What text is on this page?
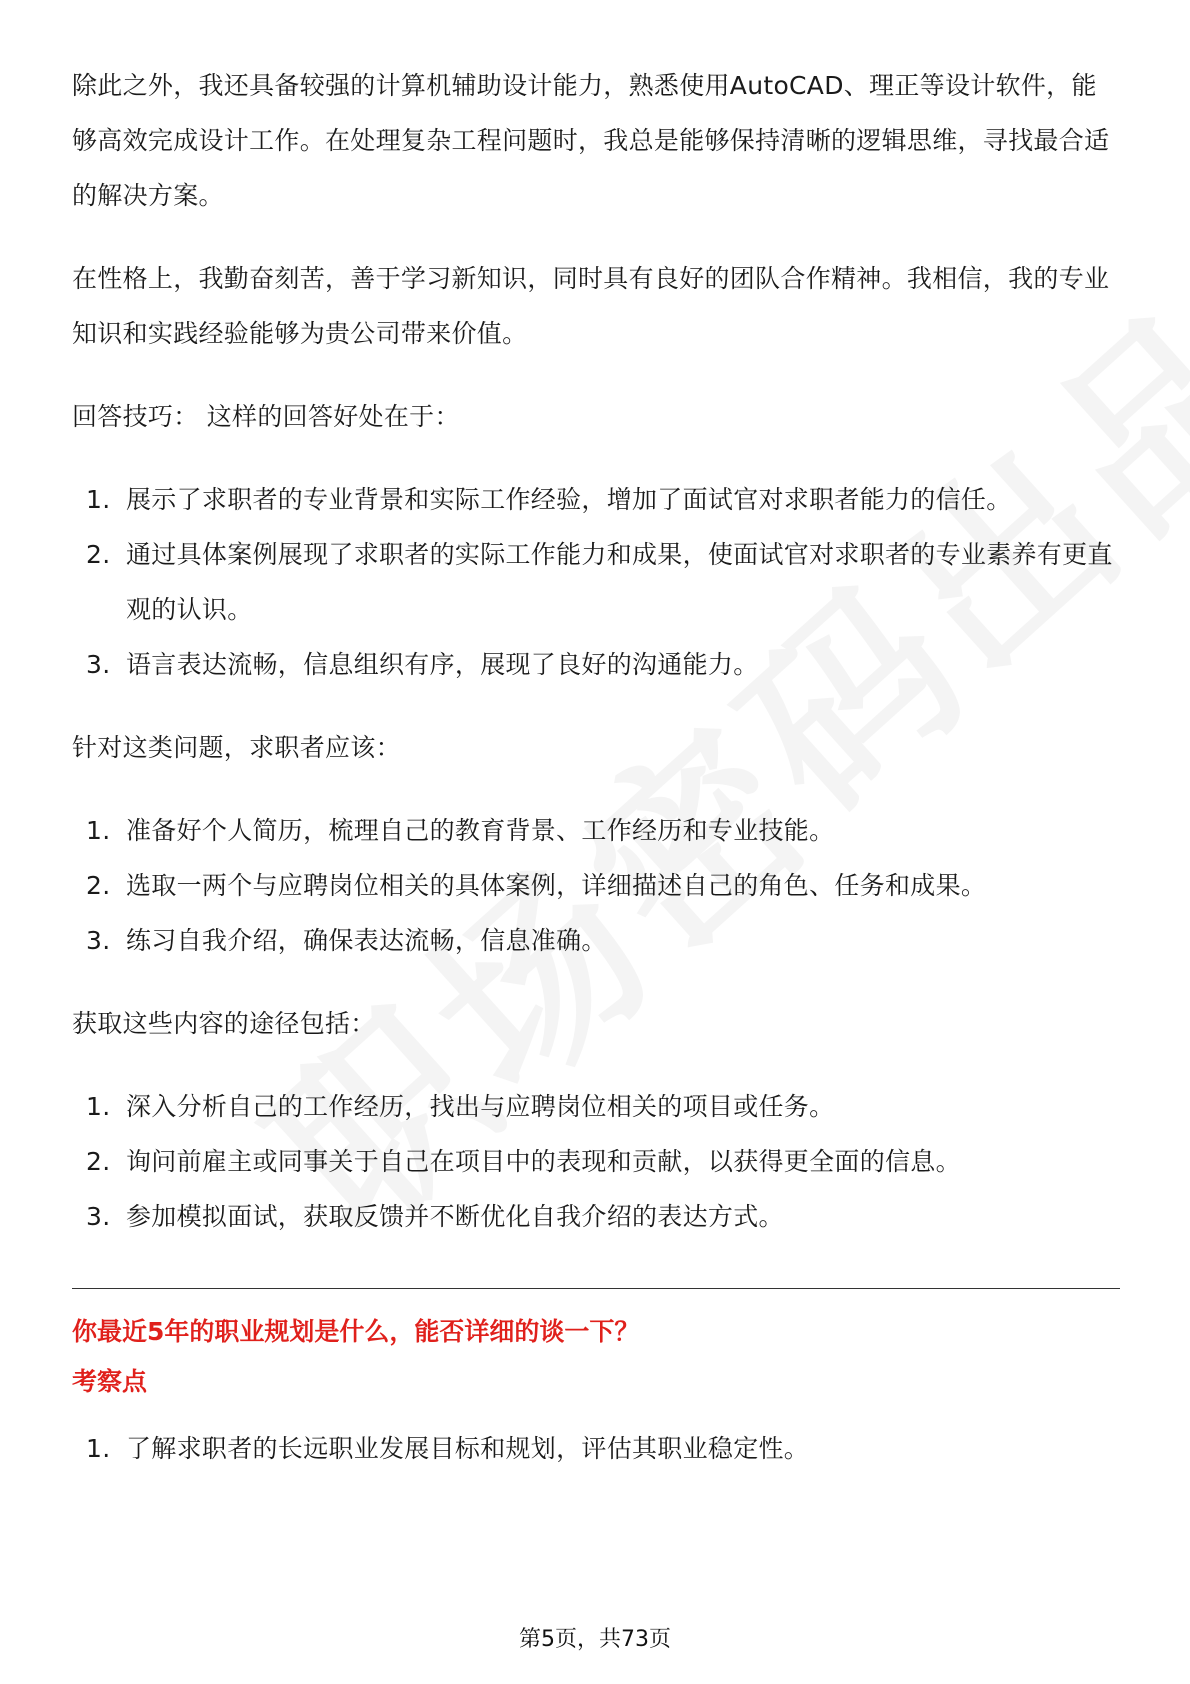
除此之外，我还具备较强的计算机辅助设计能力，熟悉使用AutoCAD、理正等设计软件，能够高效完成设计工作。在处理复杂工程问题时，我总是能够保持清晰的逻辑思维，寻找最合适的解决方案。

在性格上，我勤奋刻苦，善于学习新知识，同时具有良好的团队合作精神。我相信，我的专业知识和实践经验能够为贵公司带来价值。

回答技巧： 这样的回答好处在于：

1. 展示了求职者的专业背景和实际工作经验，增加了面试官对求职者能力的信任。
2. 通过具体案例展现了求职者的实际工作能力和成果，使面试官对求职者的专业素养有更直观的认识。
3. 语言表达流畅，信息组织有序，展现了良好的沟通能力。

针对这类问题，求职者应该：

1. 准备好个人简历，梳理自己的教育背景、工作经历和专业技能。
2. 选取一两个与应聘岗位相关的具体案例，详细描述自己的角色、任务和成果。
3. 练习自我介绍，确保表达流畅，信息准确。

获取这些内容的途径包括：

1. 深入分析自己的工作经历，找出与应聘岗位相关的项目或任务。
2. 询问前雇主或同事关于自己在项目中的表现和贡献，以获得更全面的信息。
3. 参加模拟面试，获取反馈并不断优化自我介绍的表达方式。
你最近5年的职业规划是什么，能否详细的谈一下？
考察点
1. 了解求职者的长远职业发展目标和规划，评估其职业稳定性。
第5页，共73页
